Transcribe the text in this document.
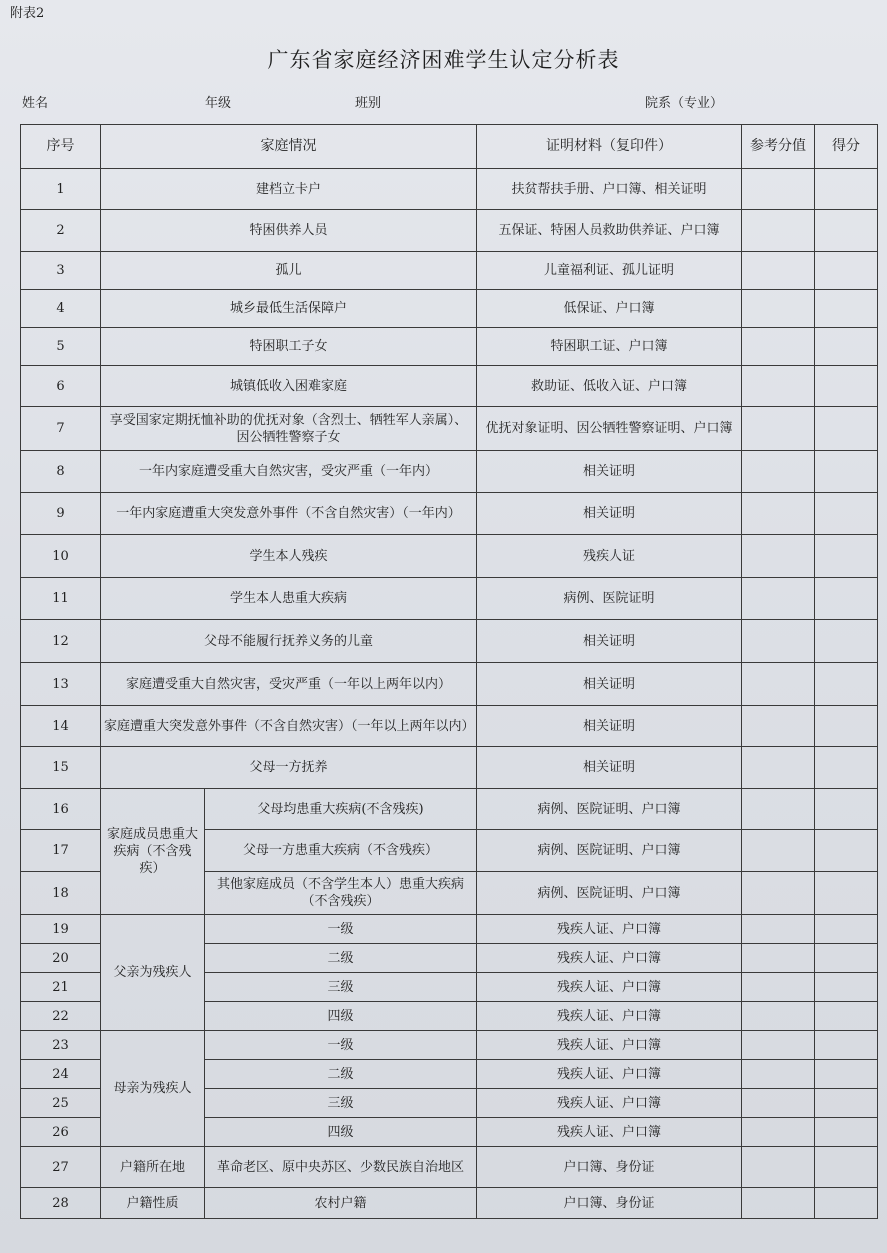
附表2
广东省家庭经济困难学生认定分析表
姓名	年级	班别	院系（专业）
序号	家庭情况		证明材料（复印件）	参考分值	得分
1	建档立卡户		扶贫帮扶手册、户口簿、相关证明		
2	特困供养人员		五保证、特困人员救助供养证、户口簿		
3	孤儿		儿童福利证、孤儿证明		
4	城乡最低生活保障户		低保证、户口簿		
5	特困职工子女		特困职工证、户口簿		
6	城镇低收入困难家庭		救助证、低收入证、户口簿		
7	享受国家定期抚恤补助的优抚对象（含烈士、牺牲军人亲属）、因公牺牲警察子女		优抚对象证明、因公牺牲警察证明、户口簿		
8	一年内家庭遭受重大自然灾害，受灾严重（一年内）		相关证明		
9	一年内家庭遭重大突发意外事件（不含自然灾害）（一年内）		相关证明		
10	学生本人残疾		残疾人证		
11	学生本人患重大疾病		病例、医院证明		
12	父母不能履行抚养义务的儿童		相关证明		
13	家庭遭受重大自然灾害，受灾严重（一年以上两年以内）		相关证明		
14	家庭遭重大突发意外事件（不含自然灾害）（一年以上两年以内）		相关证明		
15	父母一方抚养		相关证明		
16	家庭成员患重大疾病（不含残疾）	父母均患重大疾病(不含残疾)	病例、医院证明、户口簿		
17		父母一方患重大疾病（不含残疾）	病例、医院证明、户口簿		
18		其他家庭成员（不含学生本人）患重大疾病（不含残疾）	病例、医院证明、户口簿		
19	父亲为残疾人	一级	残疾人证、户口簿		
20		二级	残疾人证、户口簿		
21		三级	残疾人证、户口簿		
22		四级	残疾人证、户口簿		
23	母亲为残疾人	一级	残疾人证、户口簿		
24		二级	残疾人证、户口簿		
25		三级	残疾人证、户口簿		
26		四级	残疾人证、户口簿		
27	户籍所在地	革命老区、原中央苏区、少数民族自治地区	户口簿、身份证		
28	户籍性质	农村户籍	户口簿、身份证		
